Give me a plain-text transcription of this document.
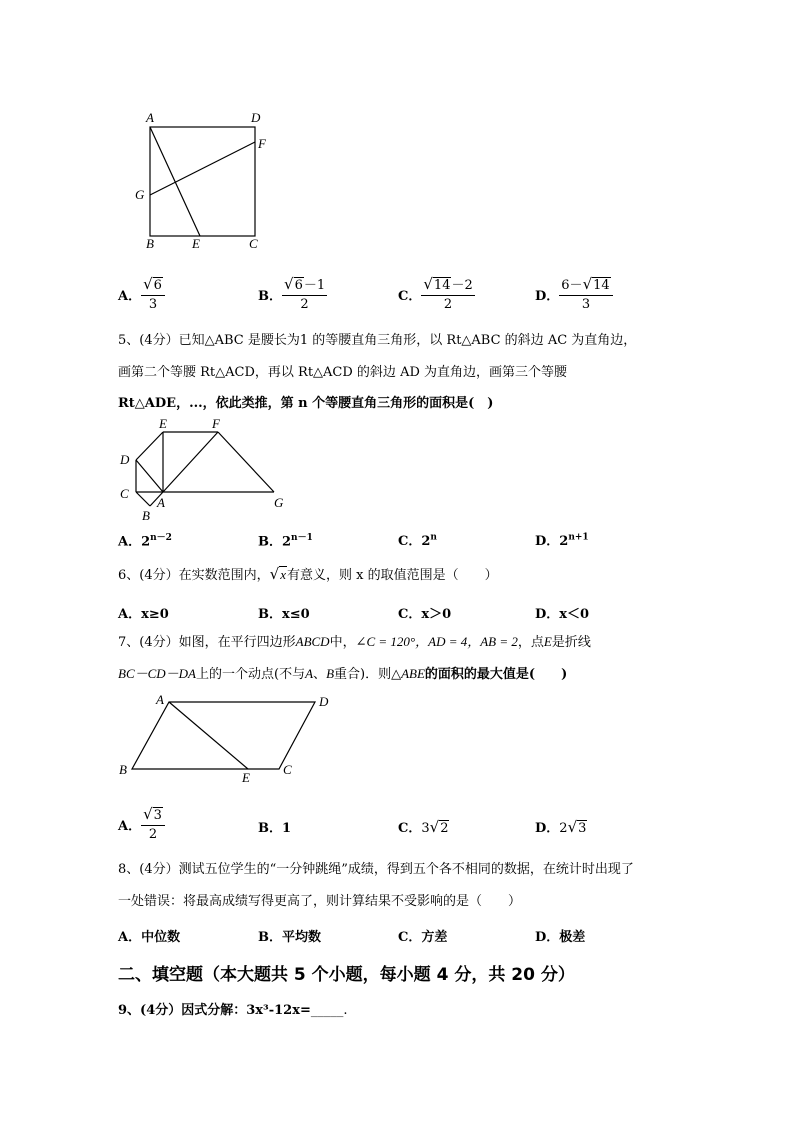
A	D
F
G
B	E	C
A． $\frac{√6}{3}$	B． $\frac{√6-1}{2}$	C． $\frac{√14-2}{2}$	D． $\frac{6-√14}{3}$
5、(4分）已知△ABC 是腰长为1 的等腰直角三角形，以 Rt△ABC 的斜边 AC 为直角边，
画第二个等腰 Rt△ACD，再以 Rt△ACD 的斜边 AD 为直角边，画第三个等腰
Rt△ADE，...，依此类推，第 n 个等腰直角三角形的面积是(　)
E	F
D
C
A
B
G
A．$2^{n-2}$	B．$2^{n-1}$	C．2$^n$	D．$2^{n+1}$
6、(4分）在实数范围内，√x有意义，则 x 的取值范围是（　　）
A．x≥0	B．x≤0	C．x＞0	D．x＜0
7、(4分）如图，在平行四边形ABCD中，∠C = 120°，AD = 4，AB = 2，点E是折线
BC－CD－DA上的一个动点(不与A、B重合)．则△ABE的面积的最大值是(　　)
A	D
B
E
C
A． $\frac{√3}{2}$	B．1	C．3√2	D．2√3
8、(4分）测试五位学生的“一分钟跳绳”成绩，得到五个各不相同的数据，在统计时出现了
一处错误：将最高成绩写得更高了，则计算结果不受影响的是（　　）
A．中位数	B．平均数	C．方差	D．极差
二、填空题（本大题共 5 个小题，每小题 4 分，共 20 分）
9、(4分）因式分解：3x³-12x=_____.
